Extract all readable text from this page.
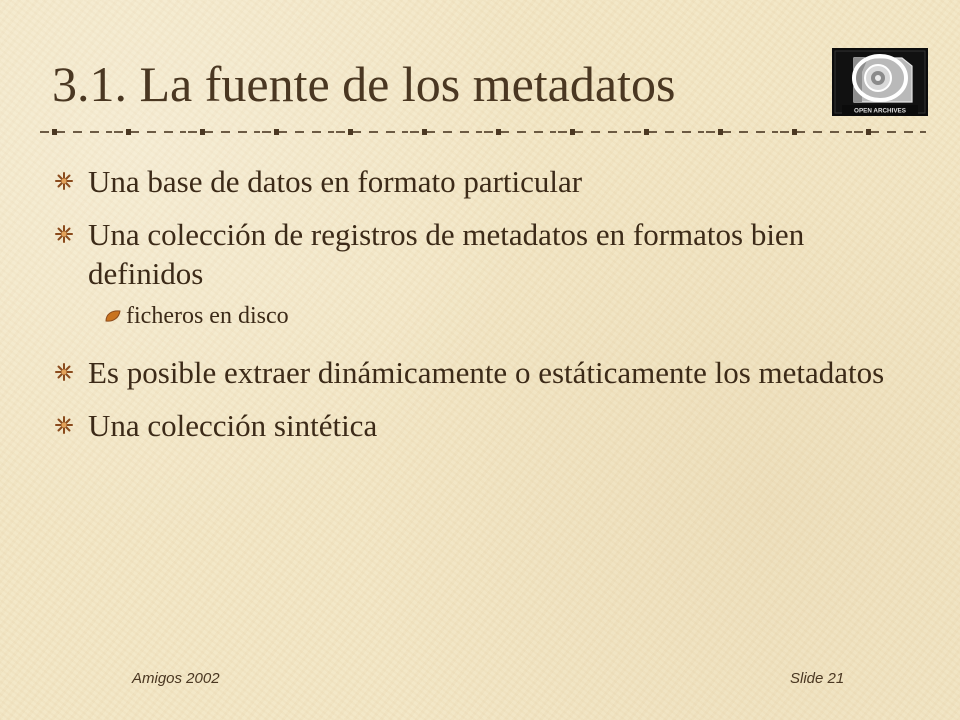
3.1. La fuente de los metadatos	OPEN ARCHIVES
Una base de datos en formato particular
Una colección de registros de metadatos en formatos bien definidos
ficheros en disco
Es posible extraer dinámicamente o estáticamente los metadatos
Una colección sintética
Amigos 2002	Slide 21
